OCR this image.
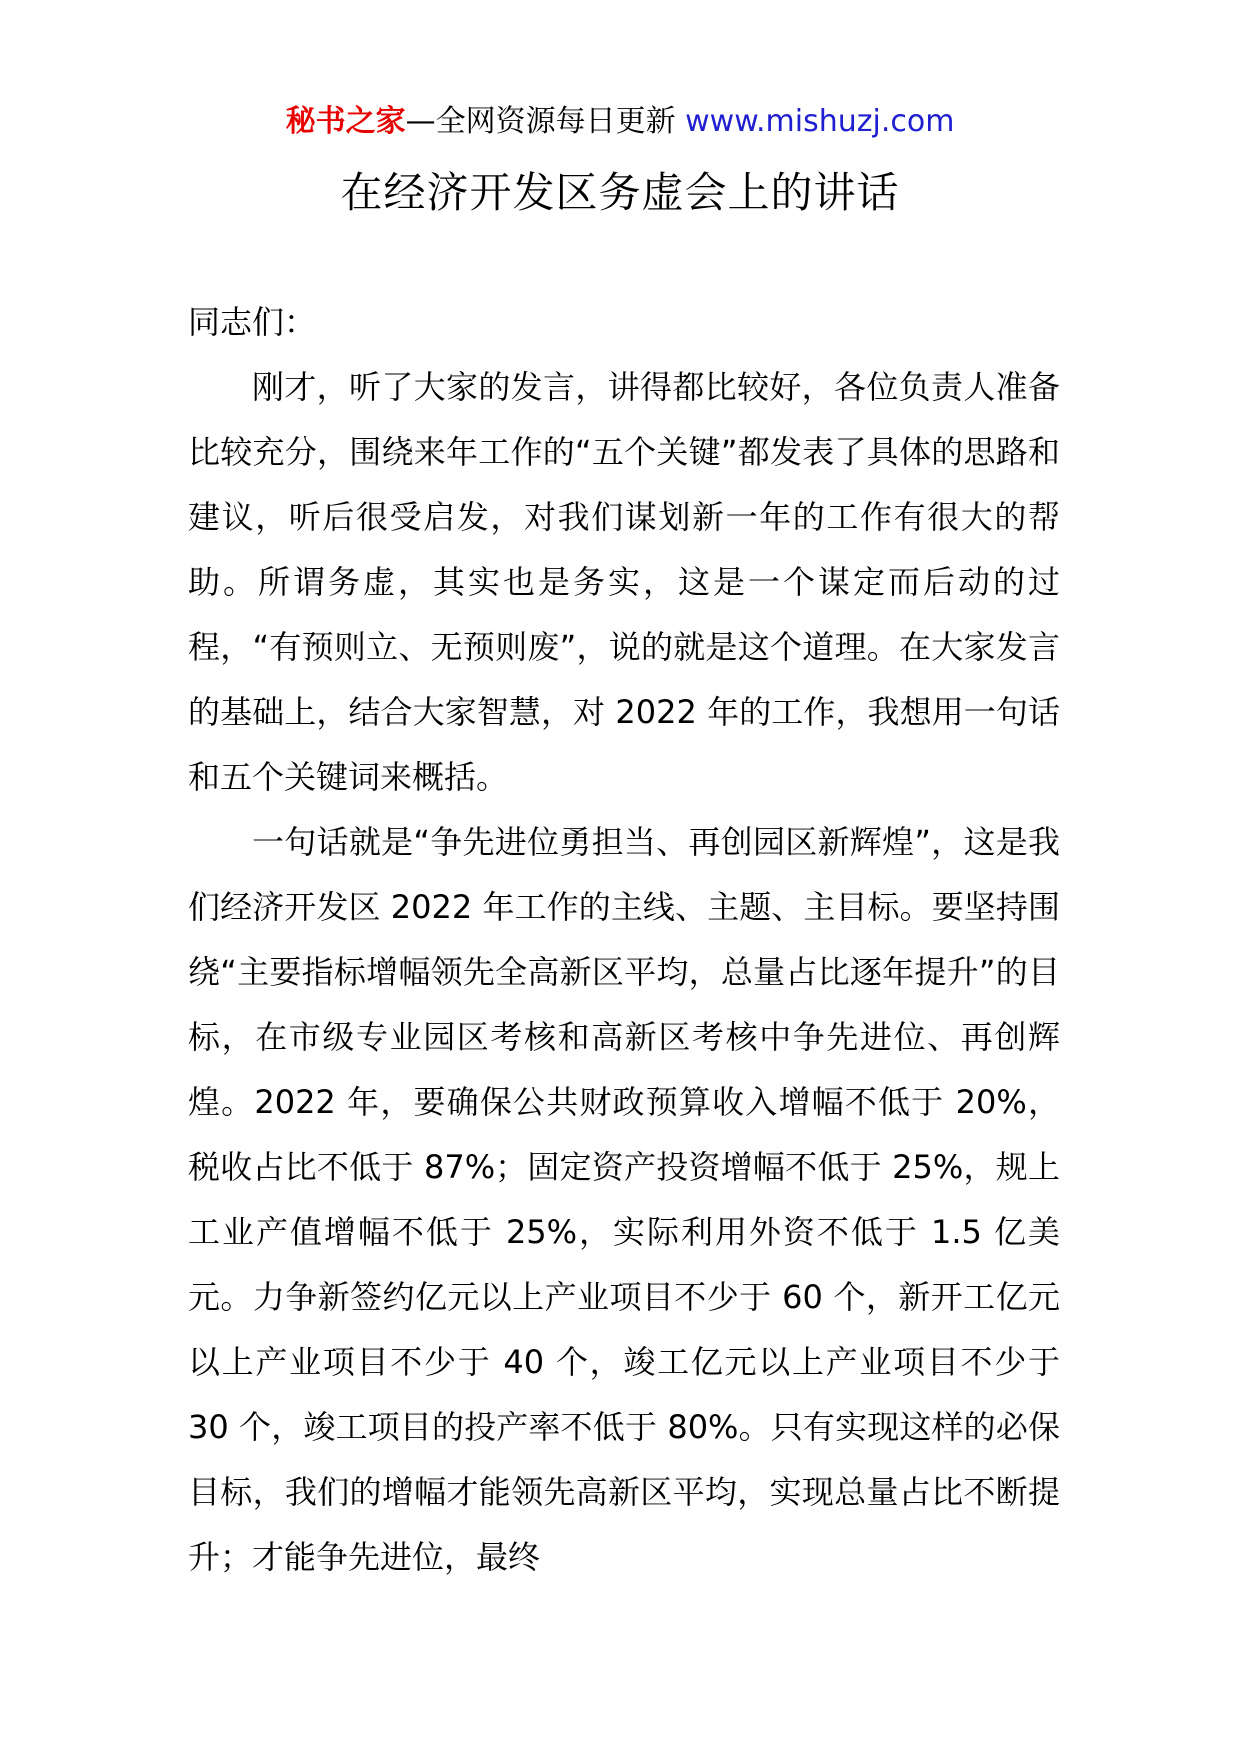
秘书之家—全网资源每日更新 www.mishuzj.com
在经济开发区务虚会上的讲话

同志们：

刚才，听了大家的发言，讲得都比较好，各位负责人准备比较充分，围绕来年工作的“五个关键”都发表了具体的思路和建议，听后很受启发，对我们谋划新一年的工作有很大的帮助。所谓务虚，其实也是务实，这是一个谋定而后动的过程，“有预则立、无预则废”，说的就是这个道理。在大家发言的基础上，结合大家智慧，对 2022 年的工作，我想用一句话和五个关键词来概括。

一句话就是“争先进位勇担当、再创园区新辉煌”，这是我们经济开发区 2022 年工作的主线、主题、主目标。要坚持围绕“主要指标增幅领先全高新区平均，总量占比逐年提升”的目标，在市级专业园区考核和高新区考核中争先进位、再创辉煌。2022 年，要确保公共财政预算收入增幅不低于 20%，税收占比不低于 87%；固定资产投资增幅不低于 25%，规上工业产值增幅不低于 25%，实际利用外资不低于 1.5 亿美元。力争新签约亿元以上产业项目不少于 60 个，新开工亿元以上产业项目不少于 40 个，竣工亿元以上产业项目不少于 30 个，竣工项目的投产率不低于 80%。只有实现这样的必保目标，我们的增幅才能领先高新区平均，实现总量占比不断提升；才能争先进位，最终
